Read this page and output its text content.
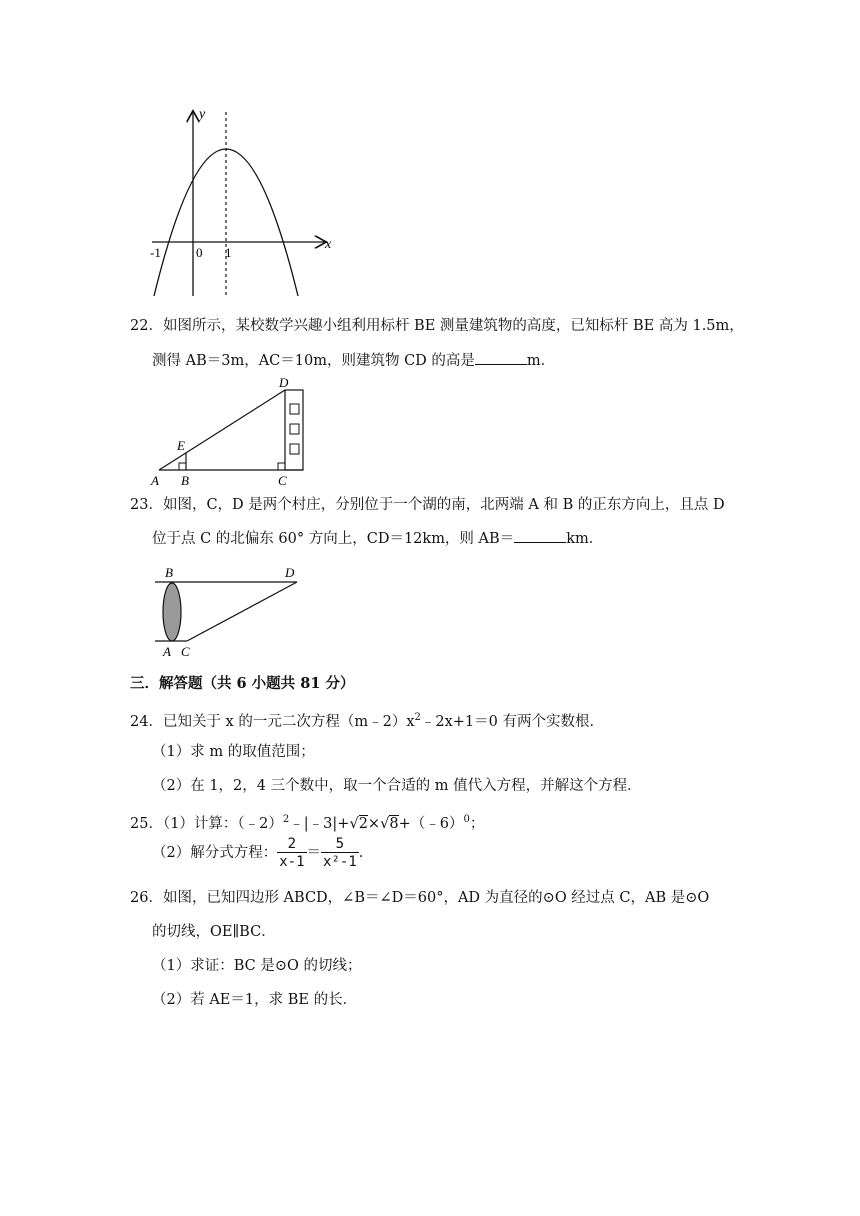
y
x
0
-1	1
22．如图所示，某校数学兴趣小组利用标杆 BE 测量建筑物的高度，已知标杆 BE 高为 1.5m，
测得 AB＝3m，AC＝10m，则建筑物 CD 的高是	m．
A B	C
D
E
23．如图，C，D 是两个村庄，分别位于一个湖的南，北两端 A 和 B 的正东方向上，且点 D
位于点 C 的北偏东 60° 方向上，CD＝12km，则 AB＝	km．
B	D
A C
三．解答题（共 6 小题共 81 分）
24．已知关于 x 的一元二次方程$(m﹣2)x^2﹣2x+1=0$ 有两个实数根．
（1）求 m 的取值范围；
（2）在 1，2，4 三个数中，取一个合适的 m 值代入方程，并解这个方程．
25．（1）计算：（﹣2）$^2$﹣|﹣3|+√2×√8+（﹣6）$^0$；
（2）解分式方程： $\frac{2}{x-1} = \frac{5}{\text{x²-1}}$ ．
26．如图，已知四边形 ABCD，∠B＝∠D＝60°，AD 为直径的⊙O 经过点 C，AB 是⊙O
的切线，OE∥BC．
（1）求证：BC 是⊙O 的切线；
（2）若 AE＝1，求 BE 的长．
